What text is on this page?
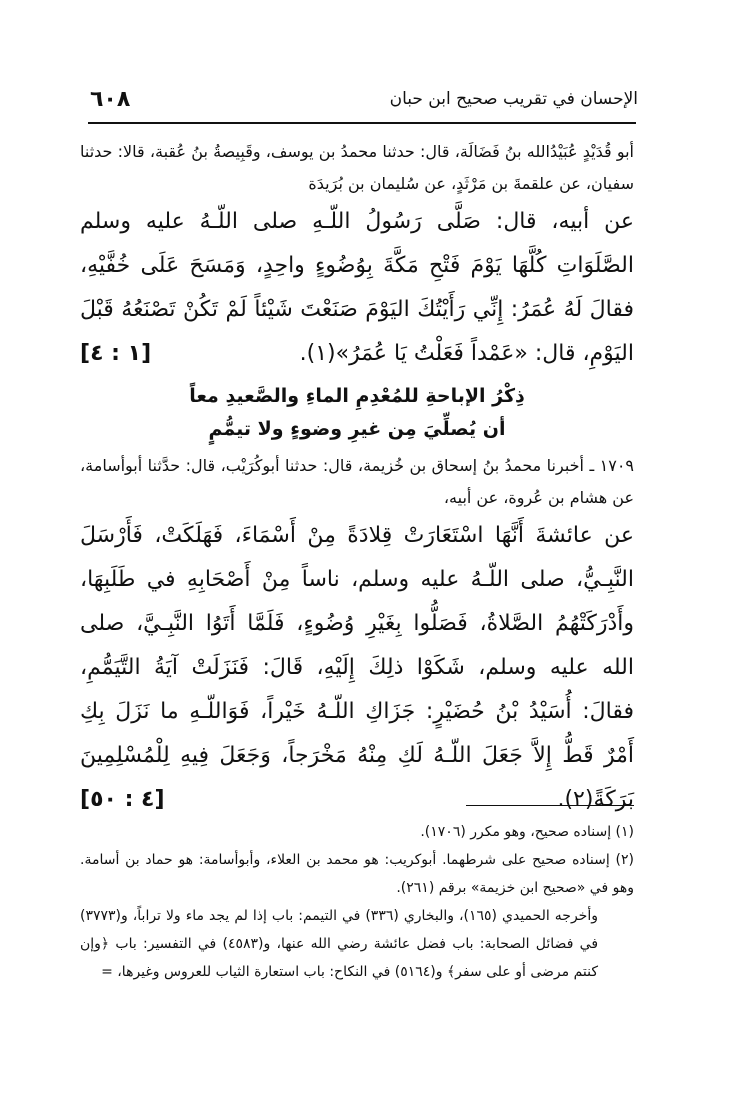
الإحسان في تقريب صحيح ابن حبان
٦٠٨

أبو قُدَيْدٍ عُبَيْدُالله بنُ فَضَالَة، قال: حدثنا محمدُ بن يوسف، وقَبِيصةُ بنُ عُقبة، قالا: حدثنا سفيان، عن علقمةَ بن مَرْثَدٍ، عن سُليمان بن بُرَيدَة

عن أبيه، قال: صَلَّى رَسُولُ اللّـهِ صلى اللّـهُ عليه وسلم الصَّلَوَاتِ كُلَّهَا يَوْمَ فَتْحِ مَكَّةَ بِوُضُوءٍ واحِدٍ، وَمَسَحَ عَلَى خُفَّيْهِ، فقالَ لَهُ عُمَرُ: إِنِّي رَأَيْتُكَ اليَوْمَ صَنَعْتَ شَيْئاً لَمْ تَكُنْ تَصْنَعُهُ قَبْلَ اليَوْمِ، قال: «عَمْداً فَعَلْتُ يَا عُمَرُ»(١).
[١ : ٤]

ذِكْرُ الإباحةِ للمُعْدِمِ الماءِ والصَّعيدِ معاً
أن يُصلِّيَ مِن غيرِ وضوءٍ ولا تيمُّمٍ

١٧٠٩ ـ أخبرنا محمدُ بنُ إسحاق بن خُزيمة، قال: حدثنا أبوكُرَيْب، قال: حدَّثنا أبوأسامة، عن هشام بن عُروة، عن أبيه،

عن عائشةَ أَنَّهَا اسْتَعَارَتْ قِلادَةً مِنْ أَسْمَاءَ، فَهَلَكَتْ، فَأَرْسَلَ النَّبِـيُّ، صلى اللّـهُ عليه وسلم، ناساً مِنْ أَصْحَابِهِ في طَلَبِهَا، وأَدْرَكَتْهُمُ الصَّلاةُ، فَصَلُّوا بِغَيْرِ وُضُوءٍ، فَلَمَّا أَتَوُا النَّبِـيَّ، صلى الله عليه وسلم، شَكَوْا ذلِكَ إِلَيْهِ، قَالَ: فَنَزَلَتْ آيَةُ التَّيَمُّمِ، فقالَ: أُسَيْدُ بْنُ حُضَيْرٍ: جَزَاكِ اللّـهُ خَيْراً، فَوَاللّـهِ ما نَزَلَ بِكِ أَمْرٌ قَطُّ إِلاَّ جَعَلَ اللّـهُ لَكِ مِنْهُ مَخْرَجاً، وَجَعَلَ فِيهِ لِلْمُسْلِمِينَ بَرَكَةً(٢).
[٤ : ٥٠]

(١) إسناده صحيح، وهو مكرر (١٧٠٦).

(٢) إسناده صحيح على شرطهما. أبوكريب: هو محمد بن العلاء، وأبوأسامة: هو حماد بن أسامة. وهو في «صحيح ابن خزيمة» برقم (٢٦١).

وأخرجه الحميدي (١٦٥)، والبخاري (٣٣٦) في التيمم: باب إذا لم يجد ماء ولا تراباً، و(٣٧٧٣) في فضائل الصحابة: باب فضل عائشة رضي الله عنها، و(٤٥٨٣) في التفسير: باب ﴿وإن كنتم مرضى أو على سفر﴾ و(٥١٦٤) في النكاح: باب استعارة الثياب للعروس وغيرها، =
